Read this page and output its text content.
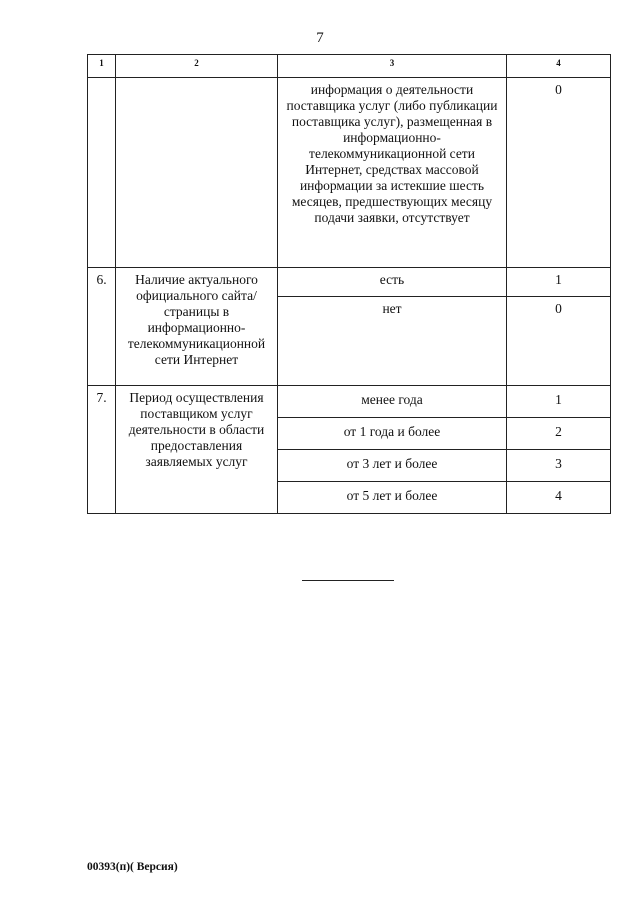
7
1	2	3	4
		информация о деятельности поставщика услуг (либо публикации поставщика услуг), размещенная в информационно-телекоммуникационной сети Интернет, средствах массовой информации за истекшие шесть месяцев, предшествующих месяцу подачи заявки, отсутствует	0
6.	Наличие актуального официального сайта/страницы в информационно-телекоммуникационной сети Интернет	есть	1
		нет	0
7.	Период осуществления поставщиком услуг деятельности в области предоставления заявляемых услуг	менее года	1
		от 1 года и более	2
		от 3 лет и более	3
		от 5 лет и более	4
00393(п)( Версия)
